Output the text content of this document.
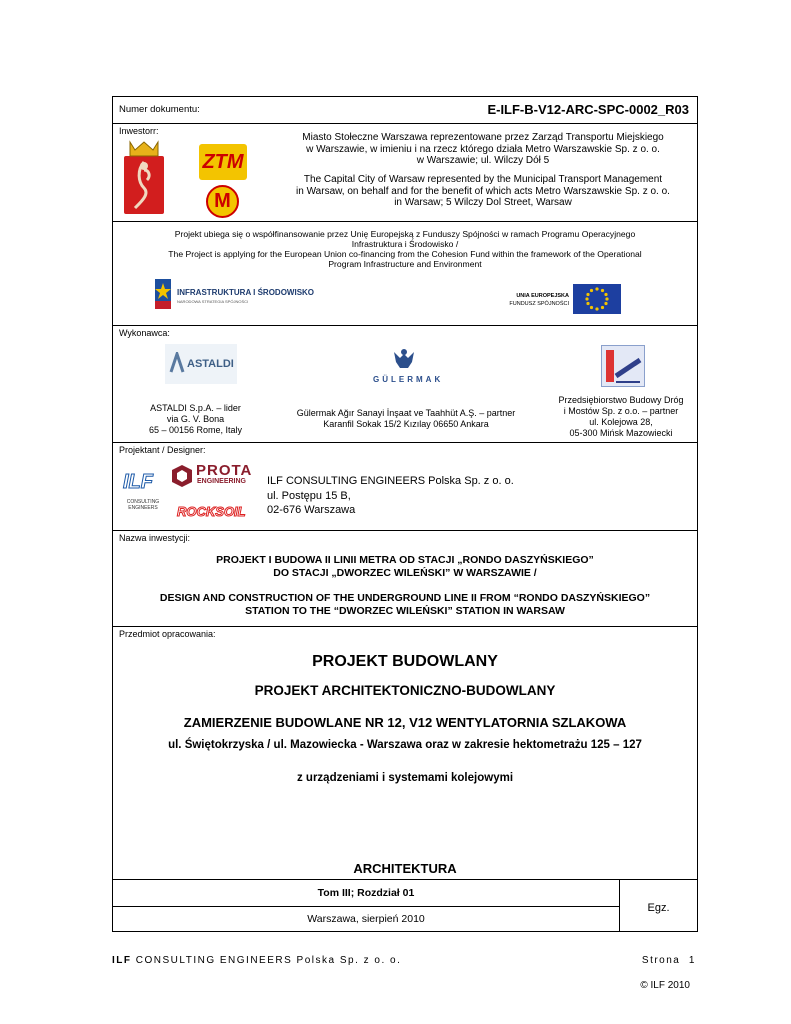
Numer dokumentu:	E-ILF-B-V12-ARC-SPC-0002_R03
Inwestorr:
ZTM
M
Miasto Stołeczne Warszawa reprezentowane przez Zarząd Transportu Miejskiego
w Warszawie, w imieniu i na rzecz którego działa Metro Warszawskie Sp. z o. o.
w Warszawie; ul. Wilczy Dół 5
The Capital City of Warsaw represented by the Municipal Transport Management
in Warsaw, on behalf and for the benefit of which acts Metro Warszawskie Sp. z o. o.
in Warsaw; 5 Wilczy Dol Street, Warsaw
Projekt ubiega się o współfinansowanie przez Unię Europejską z Funduszy Spójności w ramach Programu Operacyjnego
Infrastruktura i Środowisko /
The Project is applying for the European Union co-financing from the Cohesion Fund within the framework of the Operational
Program Infrastructure and Environment
INFRASTRUKTURA I ŚRODOWISKO
NARODOWA STRATEGIA SPÓJNOŚCI
UNIA EUROPEJSKA
FUNDUSZ SPÓJNOŚCI
Wykonawca:
ASTALDI
ASTALDI S.p.A. – lider
via G. V. Bona
65 – 00156 Rome, Italy
GÜLERMAK
Gülermak Ağır Sanayi İnşaat ve Taahhüt A.Ş. – partner
Karanfil Sokak 15/2 Kızılay 06650 Ankara
Przedsiębiorstwo Budowy Dróg
i Mostów Sp. z o.o. – partner
ul. Kolejowa 28,
05-300 Mińsk Mazowiecki
Projektant / Designer:
ILF
CONSULTING ENGINEERS
PROTA
ENGINEERING
ROCKSOIL
ILF CONSULTING ENGINEERS Polska Sp. z o. o.
ul. Postępu 15 B,
02-676 Warszawa
Nazwa inwestycji:
PROJEKT I BUDOWA II LINII METRA OD STACJI „RONDO DASZYŃSKIEGO”
DO STACJI „DWORZEC WILEŃSKI” W WARSZAWIE /
DESIGN AND CONSTRUCTION OF THE UNDERGROUND LINE II FROM “RONDO DASZYŃSKIEGO”
STATION TO THE “DWORZEC WILEŃSKI” STATION IN WARSAW
Przedmiot opracowania:
PROJEKT BUDOWLANY
PROJEKT ARCHITEKTONICZNO-BUDOWLANY
ZAMIERZENIE BUDOWLANE NR 12, V12 WENTYLATORNIA SZLAKOWA
ul. Świętokrzyska / ul. Mazowiecka - Warszawa oraz w zakresie hektometrażu 125 – 127
z urządzeniami i systemami kolejowymi
ARCHITEKTURA
Tom III; Rozdział 01
Warszawa, sierpień 2010
Egz.
ILF CONSULTING ENGINEERS Polska Sp. z o. o.	Strona  1
© ILF 2010
